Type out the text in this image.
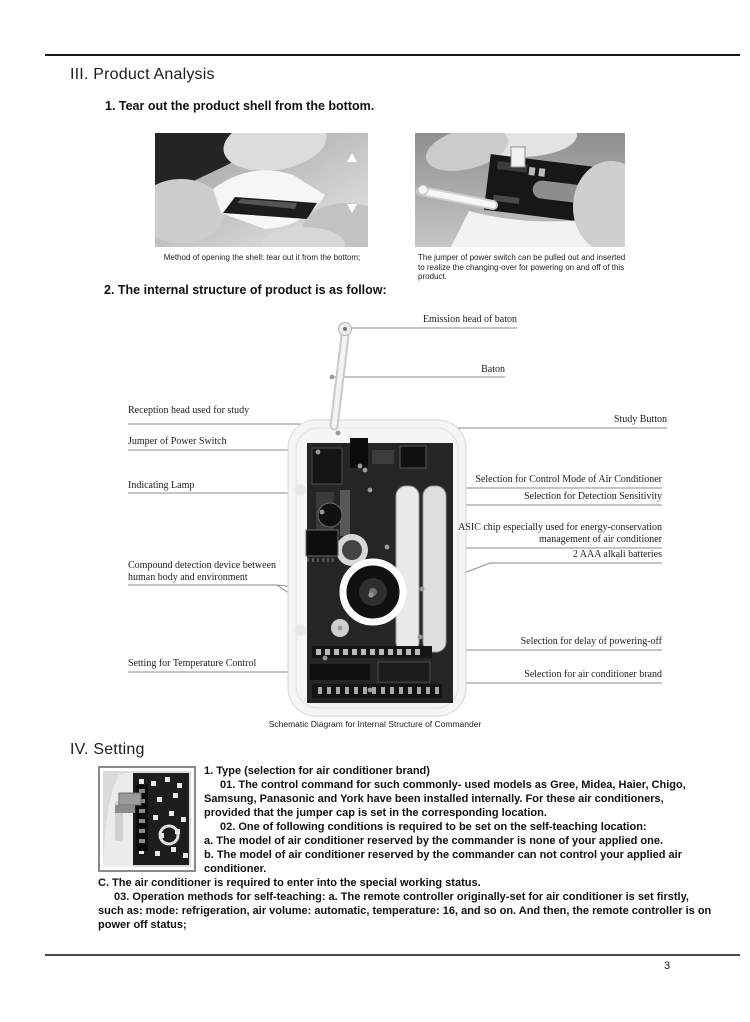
III. Product Analysis
1. Tear out the product shell from the bottom.
Method of opening the shell: tear out it from the bottom;	The jumper of power switch can be pulled out and inserted to realize the changing-over for powering on and off of this product.
2. The internal structure of product is as follow:
Emission head of baton
Baton
Study Button
Selection for Control Mode of Air Conditioner
Selection for Detection Sensitivity
ASIC chip especially used for energy-conservation management of air conditioner
2 AAA alkali batteries
Selection for delay of powering-off
Selection for air conditioner brand
Reception head used for study
Jumper of Power Switch
Indicating Lamp
Compound detection device between human body and environment
Setting for Temperature Control
Schematic Diagram for Internal Structure of Commander
IV. Setting

1. Type (selection for air conditioner brand)

01. The control command for such commonly- used models as Gree, Midea, Haier, Chigo, Samsung, Panasonic and York have been installed internally. For these air conditioners, provided that the jumper cap is set in the corresponding location.

02. One of following conditions is required to be set on the self-teaching location:

a. The model of air conditioner reserved by the commander is none of your applied one.

b. The model of air conditioner reserved by the commander can not control your applied air conditioner.

C. The air conditioner is required to enter into the special working status.

03. Operation methods for self-teaching: a. The remote controller originally-set for air conditioner is set firstly, such as: mode: refrigeration, air volume: automatic, temperature: 16, and so on. And then, the remote controller is on power off status;

3
